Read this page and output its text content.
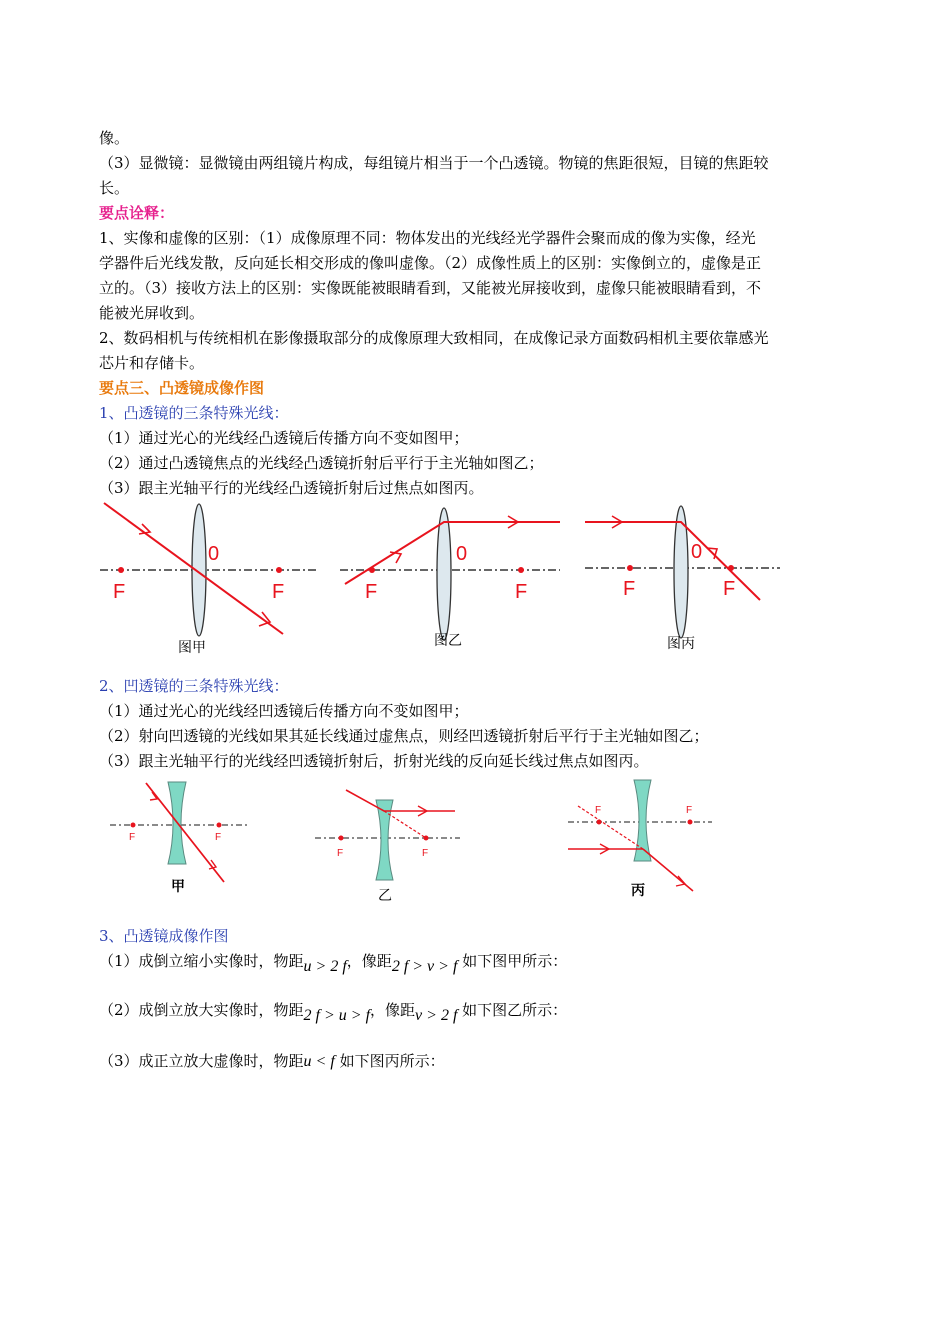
像。
（3）显微镜：显微镜由两组镜片构成，每组镜片相当于一个凸透镜。物镜的焦距很短，目镜的焦距较
长。
要点诠释：
1、实像和虚像的区别：（1）成像原理不同：物体发出的光线经光学器件会聚而成的像为实像，经光
学器件后光线发散，反向延长相交形成的像叫虚像。（2）成像性质上的区别：实像倒立的，虚像是正
立的。（3）接收方法上的区别：实像既能被眼睛看到，又能被光屏接收到，虚像只能被眼睛看到，不
能被光屏收到。
2、数码相机与传统相机在影像摄取部分的成像原理大致相同，在成像记录方面数码相机主要依靠感光
芯片和存储卡。
要点三、凸透镜成像作图
1、凸透镜的三条特殊光线：
（1）通过光心的光线经凸透镜后传播方向不变如图甲；
（2）通过凸透镜焦点的光线经凸透镜折射后平行于主光轴如图乙；
（3）跟主光轴平行的光线经凸透镜折射后过焦点如图丙。
F	F
0
图甲
F	F
0
图乙
F	F
0
图丙
2、凹透镜的三条特殊光线：
（1）通过光心的光线经凹透镜后传播方向不变如图甲；
（2）射向凹透镜的光线如果其延长线通过虚焦点，则经凹透镜折射后平行于主光轴如图乙；
（3）跟主光轴平行的光线经凹透镜折射后，折射光线的反向延长线过焦点如图丙。
F	F
甲
F	F
乙
F	F
丙
3、凸透镜成像作图
（1）成倒立缩小实像时，物距u > 2 f，像距2 f > v > f 如下图甲所示：
（2）成倒立放大实像时，物距2 f > u > f，像距v > 2 f 如下图乙所示：
（3）成正立放大虚像时，物距u < f 如下图丙所示：
